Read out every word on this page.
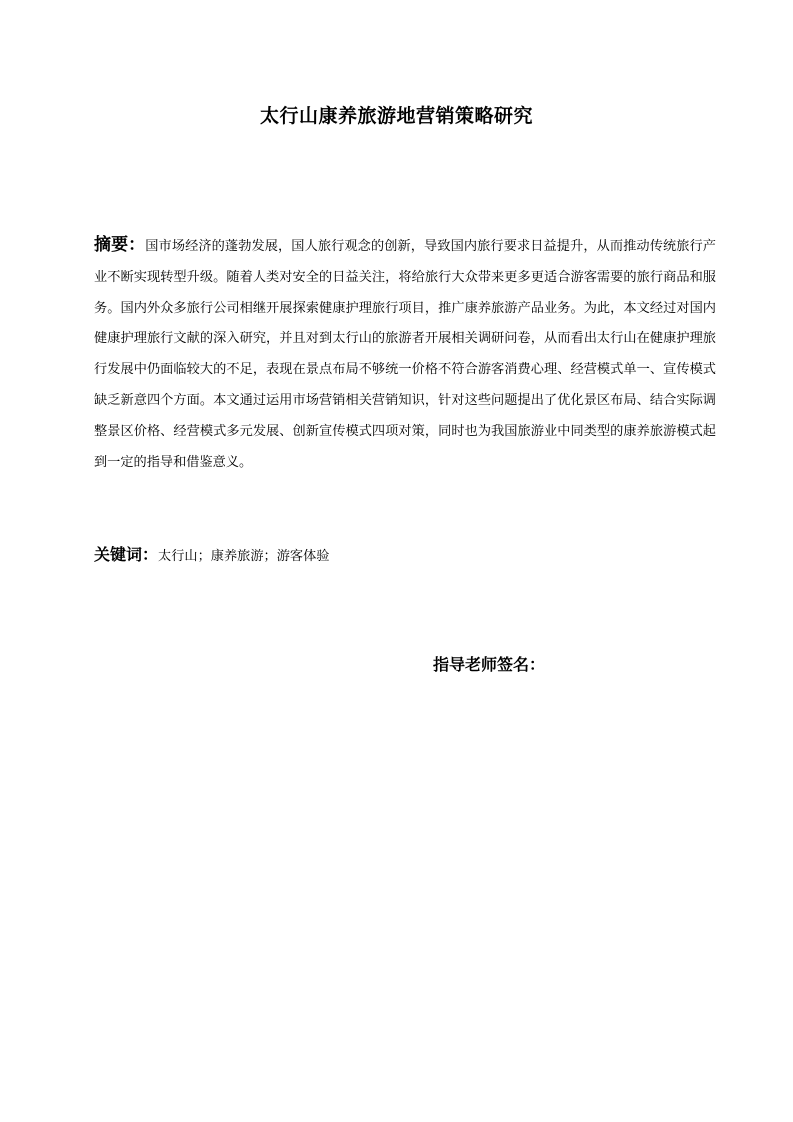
太行山康养旅游地营销策略研究
摘要：国市场经济的蓬勃发展，国人旅行观念的创新，导致国内旅行要求日益提升，从而推动传统旅行产业不断实现转型升级。随着人类对安全的日益关注，将给旅行大众带来更多更适合游客需要的旅行商品和服务。国内外众多旅行公司相继开展探索健康护理旅行项目，推广康养旅游产品业务。为此，本文经过对国内健康护理旅行文献的深入研究，并且对到太行山的旅游者开展相关调研问卷，从而看出太行山在健康护理旅行发展中仍面临较大的不足，表现在景点布局不够统一价格不符合游客消费心理、经营模式单一、宣传模式缺乏新意四个方面。本文通过运用市场营销相关营销知识，针对这些问题提出了优化景区布局、结合实际调整景区价格、经营模式多元发展、创新宣传模式四项对策，同时也为我国旅游业中同类型的康养旅游模式起到一定的指导和借鉴意义。
关键词：太行山；康养旅游；游客体验
指导老师签名：
